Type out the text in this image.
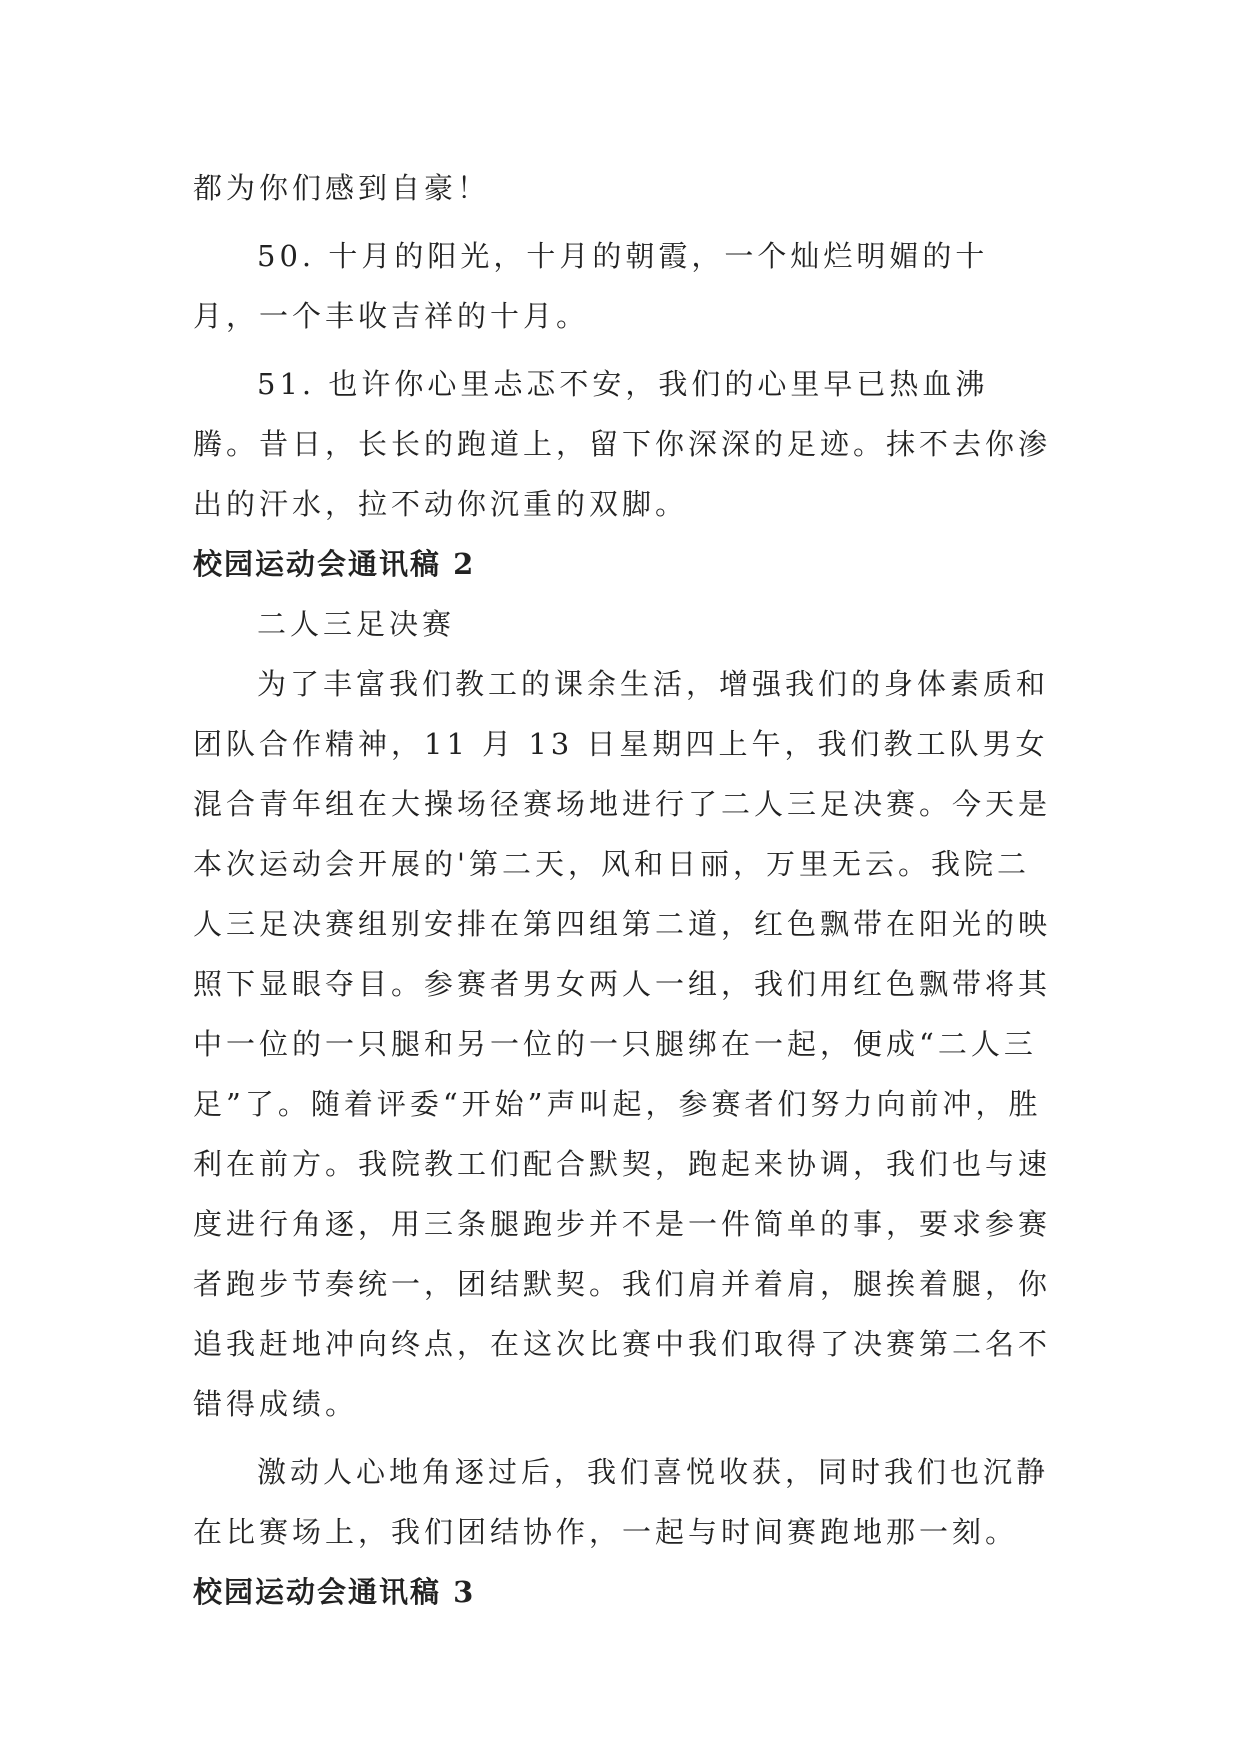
都为你们感到自豪！

50. 十月的阳光，十月的朝霞，一个灿烂明媚的十月，一个丰收吉祥的十月。

51. 也许你心里忐忑不安，我们的心里早已热血沸腾。昔日，长长的跑道上，留下你深深的足迹。抹不去你渗出的汗水，拉不动你沉重的双脚。

校园运动会通讯稿 2

二人三足决赛

为了丰富我们教工的课余生活，增强我们的身体素质和团队合作精神，11 月 13 日星期四上午，我们教工队男女混合青年组在大操场径赛场地进行了二人三足决赛。今天是本次运动会开展的'第二天，风和日丽，万里无云。我院二人三足决赛组别安排在第四组第二道，红色飘带在阳光的映照下显眼夺目。参赛者男女两人一组，我们用红色飘带将其中一位的一只腿和另一位的一只腿绑在一起，便成“二人三足”了。随着评委“开始”声叫起，参赛者们努力向前冲，胜利在前方。我院教工们配合默契，跑起来协调，我们也与速度进行角逐，用三条腿跑步并不是一件简单的事，要求参赛者跑步节奏统一，团结默契。我们肩并着肩，腿挨着腿，你追我赶地冲向终点，在这次比赛中我们取得了决赛第二名不错得成绩。

激动人心地角逐过后，我们喜悦收获，同时我们也沉静在比赛场上，我们团结协作，一起与时间赛跑地那一刻。

校园运动会通讯稿 3
